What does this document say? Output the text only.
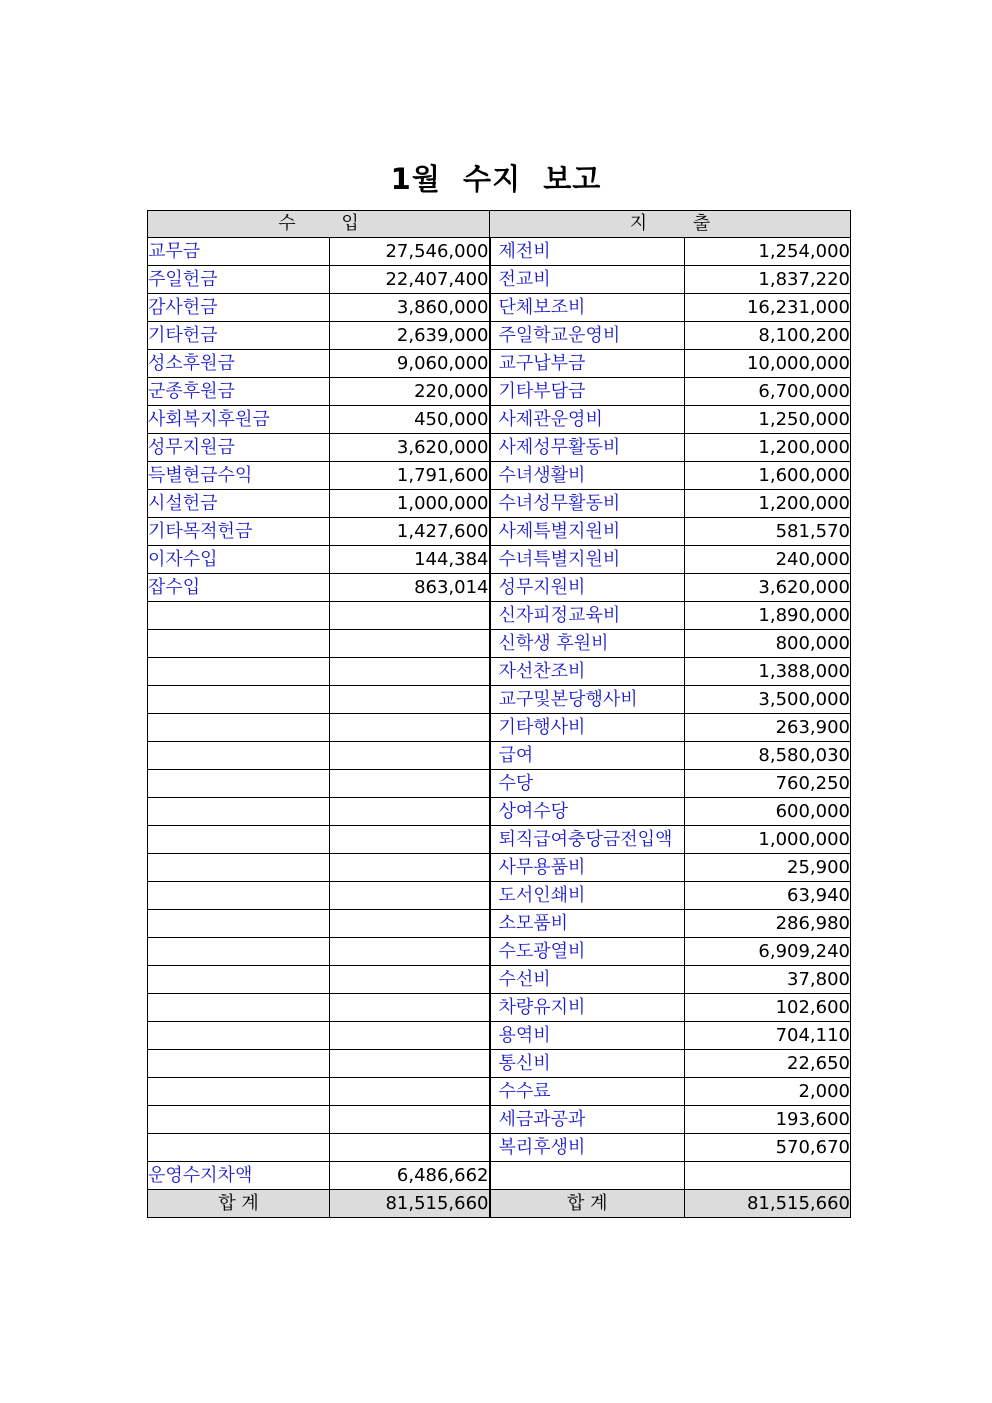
1월  수지  보고
수        입		지        출	
교무금	27,546,000	제전비	1,254,000
주일헌금	22,407,400	전교비	1,837,220
감사헌금	3,860,000	단체보조비	16,231,000
기타헌금	2,639,000	주일학교운영비	8,100,200
성소후원금	9,060,000	교구납부금	10,000,000
군종후원금	220,000	기타부담금	6,700,000
사회복지후원금	450,000	사제관운영비	1,250,000
성무지원금	3,620,000	사제성무활동비	1,200,000
득별현금수익	1,791,600	수녀생활비	1,600,000
시설헌금	1,000,000	수녀성무활동비	1,200,000
기타목적헌금	1,427,600	사제특별지원비	581,570
이자수입	144,384	수녀특별지원비	240,000
잡수입	863,014	성무지원비	3,620,000
		신자피정교육비	1,890,000
		신학생 후원비	800,000
		자선찬조비	1,388,000
		교구및본당행사비	3,500,000
		기타행사비	263,900
		급여	8,580,030
		수당	760,250
		상여수당	600,000
		퇴직급여충당금전입액	1,000,000
		사무용품비	25,900
		도서인쇄비	63,940
		소모품비	286,980
		수도광열비	6,909,240
		수선비	37,800
		차량유지비	102,600
		용역비	704,110
		통신비	22,650
		수수료	2,000
		세금과공과	193,600
		복리후생비	570,670
운영수지차액	6,486,662		
합 계	81,515,660	합 계	81,515,660
